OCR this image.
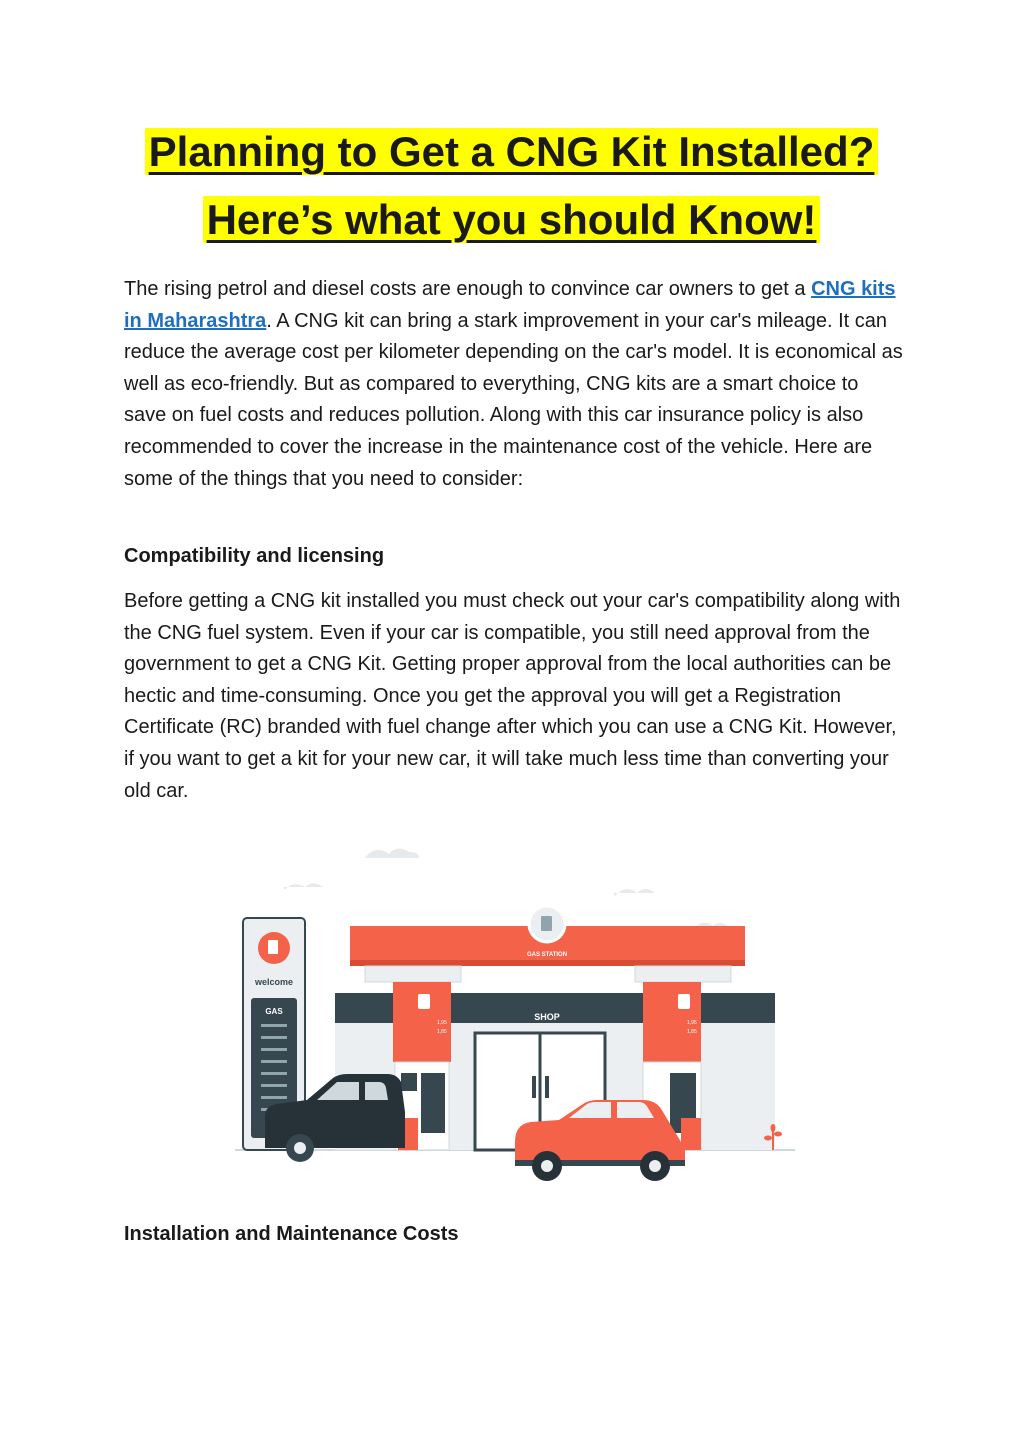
Planning to Get a CNG Kit Installed?
Here’s what you should Know!

The rising petrol and diesel costs are enough to convince car owners to get a CNG kits in Maharashtra. A CNG kit can bring a stark improvement in your car's mileage. It can reduce the average cost per kilometer depending on the car's model. It is economical as well as eco-friendly. But as compared to everything, CNG kits are a smart choice to save on fuel costs and reduces pollution. Along with this car insurance policy is also recommended to cover the increase in the maintenance cost of the vehicle. Here are some of the things that you need to consider:

Compatibility and licensing

Before getting a CNG kit installed you must check out your car's compatibility along with the CNG fuel system. Even if your car is compatible, you still need approval from the government to get a CNG Kit. Getting proper approval from the local authorities can be hectic and time-consuming. Once you get the approval you will get a Registration Certificate (RC) branded with fuel change after which you can use a CNG Kit. However, if you want to get a kit for your new car, it will take much less time than converting your old car.

SHOP
welcome
GAS
GAS STATION
1,95
1,85
1,95
1,85
Installation and Maintenance Costs
